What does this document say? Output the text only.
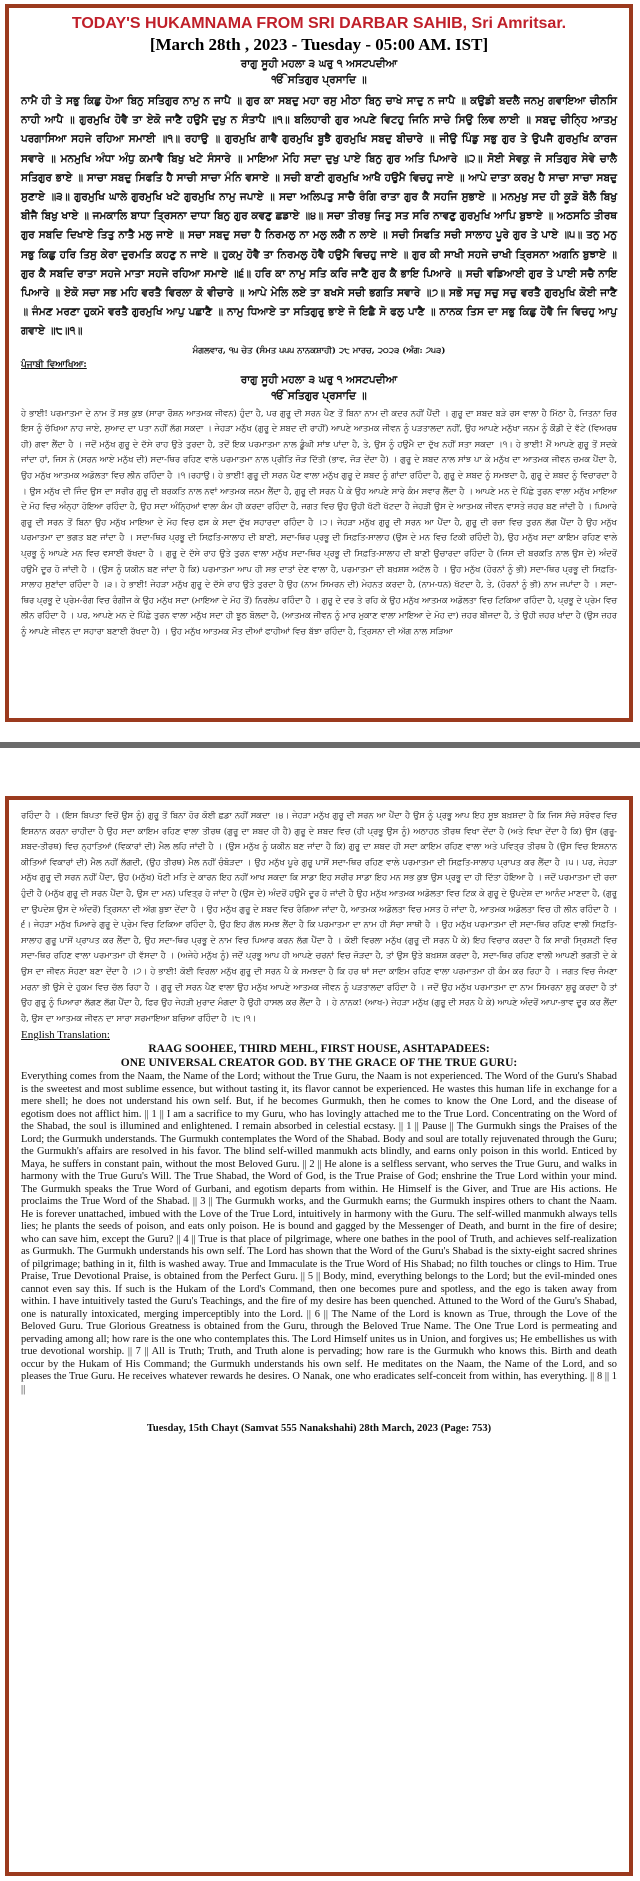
TODAY'S HUKAMNAMA FROM SRI DARBAR SAHIB, Sri Amritsar.
[March 28th , 2023 - Tuesday - 05:00 AM. IST]
ਰਾਗੁ ਸੂਹੀ ਮਹਲਾ ੩ ਘਰੁ ੧ ਅਸਟਪਦੀਆ
ੴ ਸਤਿਗੁਰ ਪ੍ਰਸਾਦਿ ॥
ਨਾਮੈ ਹੀ ਤੇ ਸਭੁ ਕਿਛੁ ਹੋਆ ਬਿਨੁ ਸਤਿਗੁਰ ਨਾਮੁ ਨ ਜਾਪੈ ॥ ਗੁਰ ਕਾ ਸਬਦੁ ਮਹਾ ਰਸੁ ਮੀਠਾ ਬਿਨੁ ਚਾਖੇ ਸਾਦੁ ਨ ਜਾਪੈ ॥ ਕਉਡੀ ਬਦਲੈ ਜਨਮੁ ਗਵਾਇਆ ਚੀਨਸਿ ਨਾਹੀ ਆਪੈ ॥ ਗੁਰਮੁਖਿ ਹੋਵੈ ਤਾ ਏਕੋ ਜਾਣੈ ਹਉਮੈ ਦੁਖੁ ਨ ਸੰਤਾਪੈ ॥੧॥ ਬਲਿਹਾਰੀ ਗੁਰ ਅਪਣੇ ਵਿਟਹੁ ਜਿਨਿ ਸਾਚੇ ਸਿਉ ਲਿਵ ਲਾਈ ॥ ਸਬਦੁ ਚੀਨ੍ਹਿ ਆਤਮੁ ਪਰਗਾਸਿਆ ਸਹਜੇ ਰਹਿਆ ਸਮਾਈ ॥੧॥ ਰਹਾਉ ॥ ਗੁਰਮੁਖਿ ਗਾਵੈ ਗੁਰਮੁਖਿ ਬੂਝੈ ਗੁਰਮੁਖਿ ਸਬਦੁ ਬੀਚਾਰੇ ॥ ਜੀਉ ਪਿੰਡੁ ਸਭੁ ਗੁਰ ਤੇ ਉਪਜੈ ਗੁਰਮੁਖਿ ਕਾਰਜ ਸਵਾਰੇ ॥ ਮਨਮੁਖਿ ਅੰਧਾ ਅੰਧੁ ਕਮਾਵੈ ਬਿਖੁ ਖਟੇ ਸੰਸਾਰੇ ॥ ਮਾਇਆ ਮੋਹਿ ਸਦਾ ਦੁਖੁ ਪਾਏ ਬਿਨੁ ਗੁਰ ਅਤਿ ਪਿਆਰੇ ॥੨॥ ਸੋਈ ਸੇਵਕੁ ਜੋ ਸਤਿਗੁਰ ਸੇਵੇ ਚਾਲੈ ਸਤਿਗੁਰ ਭਾਏ ॥ ਸਾਚਾ ਸਬਦੁ ਸਿਫਤਿ ਹੈ ਸਾਚੀ ਸਾਚਾ ਮੰਨਿ ਵਸਾਏ ॥ ਸਚੀ ਬਾਣੀ ਗੁਰਮੁਖਿ ਆਖੈ ਹਉਮੈ ਵਿਚਹੁ ਜਾਏ ॥ ਆਪੇ ਦਾਤਾ ਕਰਮੁ ਹੈ ਸਾਚਾ ਸਾਚਾ ਸਬਦੁ ਸੁਣਾਏ ॥੩॥ ਗੁਰਮੁਖਿ ਘਾਲੇ ਗੁਰਮੁਖਿ ਖਟੇ ਗੁਰਮੁਖਿ ਨਾਮੁ ਜਪਾਏ ॥ ਸਦਾ ਅਲਿਪਤੁ ਸਾਚੈ ਰੰਗਿ ਰਾਤਾ ਗੁਰ ਕੈ ਸਹਜਿ ਸੁਭਾਏ ॥ ਮਨਮੁਖੁ ਸਦ ਹੀ ਕੂੜੋ ਬੋਲੈ ਬਿਖੁ ਬੀਜੈ ਬਿਖੁ ਖਾਏ ॥ ਜਮਕਾਲਿ ਬਾਧਾ ਤ੍ਰਿਸਨਾ ਦਾਧਾ ਬਿਨੁ ਗੁਰ ਕਵਣੁ ਛਡਾਏ ॥੪॥ ਸਚਾ ਤੀਰਥੁ ਜਿਤੁ ਸਤ ਸਰਿ ਨਾਵਣੁ ਗੁਰਮੁਖਿ ਆਪਿ ਬੁਝਾਏ ॥ ਅਠਸਠਿ ਤੀਰਥ ਗੁਰ ਸਬਦਿ ਦਿਖਾਏ ਤਿਤੁ ਨਾਤੈ ਮਲੁ ਜਾਏ ॥ ਸਚਾ ਸਬਦੁ ਸਚਾ ਹੈ ਨਿਰਮਲੁ ਨਾ ਮਲੁ ਲਗੈ ਨ ਲਾਏ ॥ ਸਚੀ ਸਿਫਤਿ ਸਚੀ ਸਾਲਾਹ ਪੂਰੇ ਗੁਰ ਤੇ ਪਾਏ ॥੫॥ ਤਨੁ ਮਨੁ ਸਭੁ ਕਿਛੁ ਹਰਿ ਤਿਸੁ ਕੇਰਾ ਦੁਰਮਤਿ ਕਹਣੁ ਨ ਜਾਏ ॥ ਹੁਕਮੁ ਹੋਵੈ ਤਾ ਨਿਰਮਲੁ ਹੋਵੈ ਹਉਮੈ ਵਿਚਹੁ ਜਾਏ ॥ ਗੁਰ ਕੀ ਸਾਖੀ ਸਹਜੇ ਚਾਖੀ ਤ੍ਰਿਸਨਾ ਅਗਨਿ ਬੁਝਾਏ ॥ ਗੁਰ ਕੈ ਸਬਦਿ ਰਾਤਾ ਸਹਜੇ ਮਾਤਾ ਸਹਜੇ ਰਹਿਆ ਸਮਾਏ ॥੬॥ ਹਰਿ ਕਾ ਨਾਮੁ ਸਤਿ ਕਰਿ ਜਾਣੈ ਗੁਰ ਕੈ ਭਾਇ ਪਿਆਰੇ ॥ ਸਚੀ ਵਡਿਆਈ ਗੁਰ ਤੇ ਪਾਈ ਸਚੈ ਨਾਇ ਪਿਆਰੇ ॥ ਏਕੋ ਸਚਾ ਸਭ ਮਹਿ ਵਰਤੈ ਵਿਰਲਾ ਕੋ ਵੀਚਾਰੇ ॥ ਆਪੇ ਮੇਲਿ ਲਏ ਤਾ ਬਖਸੇ ਸਚੀ ਭਗਤਿ ਸਵਾਰੇ ॥੭॥ ਸਭੋ ਸਚੁ ਸਚੁ ਸਚੁ ਵਰਤੈ ਗੁਰਮੁਖਿ ਕੋਈ ਜਾਣੈ ॥ ਜੰਮਣ ਮਰਣਾ ਹੁਕਮੋ ਵਰਤੈ ਗੁਰਮੁਖਿ ਆਪੁ ਪਛਾਣੈ ॥ ਨਾਮੁ ਧਿਆਏ ਤਾ ਸਤਿਗੁਰੁ ਭਾਏ ਜੋ ਇਛੈ ਸੋ ਫਲੁ ਪਾਣੈ ॥ ਨਾਨਕ ਤਿਸ ਦਾ ਸਭੁ ਕਿਛੁ ਹੋਵੈ ਜਿ ਵਿਚਹੁ ਆਪੁ ਗਵਾਏ ॥੮॥੧॥
ਮੰਗਲਵਾਰ, ੧੫ ਚੇਤ (ਸੰਮਤ ੫੫੫ ਨਾਨਕਸ਼ਾਹੀ) ੨੮ ਮਾਰਚ, ੨੦੨੩ (ਅੰਗ: ੭੫੩)
ਪੰਜਾਬੀ ਵਿਆਖਿਆ:
ਰਾਗੁ ਸੂਹੀ ਮਹਲਾ ੩ ਘਰੁ ੧ ਅਸਟਪਦੀਆ
ੴ ਸਤਿਗੁਰ ਪ੍ਰਸਾਦਿ ॥
ਹੇ ਭਾਈ! ਪਰਮਾਤਮਾ ਦੇ ਨਾਮ ਤੋਂ ਸਭ ਕੁਝ (ਸਾਰਾ ਰੌਸ਼ਨ ਆਤਮਕ ਜੀਵਨ) ਹੁੰਦਾ ਹੈ, ਪਰ ਗੁਰੂ ਦੀ ਸਰਨ ਪੈਣ ਤੋਂ ਬਿਨਾ ਨਾਮ ਦੀ ਕਦਰ ਨਹੀਂ ਪੈਂਦੀ । ਗੁਰੂ ਦਾ ਸ਼ਬਦ ਬੜੇ ਰਸ ਵਾਲਾ ਹੈ ਮਿੱਠਾ ਹੈ, ਜਿਤਨਾ ਚਿਰ ਇਸ ਨੂੰ ਚੱਖਿਆ ਨਾਹ ਜਾਏ, ਸੁਆਦ ਦਾ ਪਤਾ ਨਹੀਂ ਲੱਗ ਸਕਦਾ । ਜੇਹੜਾ ਮਨੁੱਖ (ਗੁਰੂ ਦੇ ਸ਼ਬਦ ਦੀ ਰਾਹੀਂ) ਆਪਣੇ ਆਤਮਕ ਜੀਵਨ ਨੂੰ ਪੜਤਾਲਦਾ ਨਹੀਂ, ਉਹ ਆਪਣੇ ਮਨੁੱਖਾ ਜਨਮ ਨੂੰ ਕੌਡੀ ਦੇ ਵੱਟੇ (ਵਿਅਰਥ ਹੀ) ਗਵਾ ਲੈਂਦਾ ਹੈ । ਜਦੋਂ ਮਨੁੱਖ ਗੁਰੂ ਦੇ ਦੱਸੇ ਰਾਹ ਉਤੇ ਤੁਰਦਾ ਹੈ, ਤਦੋਂ ਇਕ ਪਰਮਾਤਮਾ ਨਾਲ ਡੂੰਘੀ ਸਾਂਝ ਪਾਂਦਾ ਹੈ, ਤੇ, ਉਸ ਨੂੰ ਹਉਮੈ ਦਾ ਦੁੱਖ ਨਹੀਂ ਸਤਾ ਸਕਦਾ ।੧। ਹੇ ਭਾਈ! ਮੈਂ ਆਪਣੇ ਗੁਰੂ ਤੋਂ ਸਦਕੇ ਜਾਂਦਾ ਹਾਂ, ਜਿਸ ਨੇ (ਸਰਨ ਆਏ ਮਨੁੱਖ ਦੀ) ਸਦਾ-ਥਿਰ ਰਹਿਣ ਵਾਲੇ ਪਰਮਾਤਮਾ ਨਾਲ ਪ੍ਰੀਤਿ ਜੋੜ ਦਿੱਤੀ (ਭਾਵ, ਜੋੜ ਦੇਂਦਾ ਹੈ) । ਗੁਰੂ ਦੇ ਸ਼ਬਦ ਨਾਲ ਸਾਂਝ ਪਾ ਕੇ ਮਨੁੱਖ ਦਾ ਆਤਮਕ ਜੀਵਨ ਚਮਕ ਪੈਂਦਾ ਹੈ, ਉਹ ਮਨੁੱਖ ਆਤਮਕ ਅਡੋਲਤਾ ਵਿਚ ਲੀਨ ਰਹਿੰਦਾ ਹੈ ।੧।ਰਹਾਉ। ਹੇ ਭਾਈ! ਗੁਰੂ ਦੀ ਸਰਨ ਪੈਣ ਵਾਲਾ ਮਨੁੱਖ ਗੁਰੂ ਦੇ ਸ਼ਬਦ ਨੂੰ ਗਾਂਦਾ ਰਹਿੰਦਾ ਹੈ, ਗੁਰੂ ਦੇ ਸ਼ਬਦ ਨੂੰ ਸਮਝਦਾ ਹੈ, ਗੁਰੂ ਦੇ ਸ਼ਬਦ ਨੂੰ ਵਿਚਾਰਦਾ ਹੈ । ਉਸ ਮਨੁੱਖ ਦੀ ਜਿੰਦ ਉਸ ਦਾ ਸਰੀਰ ਗੁਰੂ ਦੀ ਬਰਕਤਿ ਨਾਲ ਨਵਾਂ ਆਤਮਕ ਜਨਮ ਲੈਂਦਾ ਹੈ, ਗੁਰੂ ਦੀ ਸਰਨ ਪੈ ਕੇ ਉਹ ਆਪਣੇ ਸਾਰੇ ਕੰਮ ਸਵਾਰ ਲੈਂਦਾ ਹੈ । ਆਪਣੇ ਮਨ ਦੇ ਪਿੱਛੇ ਤੁਰਨ ਵਾਲਾ ਮਨੁੱਖ ਮਾਇਆ ਦੇ ਮੋਹ ਵਿਚ ਅੰਨ੍ਹਾ ਹੋਇਆ ਰਹਿੰਦਾ ਹੈ, ਉਹ ਸਦਾ ਅੰਨ੍ਹਿਆਂ ਵਾਲਾ ਕੰਮ ਹੀ ਕਰਦਾ ਰਹਿੰਦਾ ਹੈ, ਜਗਤ ਵਿਚ ਉਹ ਉਹੀ ਖੱਟੀ ਖੱਟਦਾ ਹੈ ਜੇਹੜੀ ਉਸ ਦੇ ਆਤਮਕ ਜੀਵਨ ਵਾਸਤੇ ਜ਼ਹਰ ਬਣ ਜਾਂਦੀ ਹੈ । ਪਿਆਰੇ ਗੁਰੂ ਦੀ ਸਰਨ ਤੋਂ ਬਿਨਾ ਉਹ ਮਨੁੱਖ ਮਾਇਆ ਦੇ ਮੋਹ ਵਿਚ ਫਸ ਕੇ ਸਦਾ ਦੁੱਖ ਸਹਾਰਦਾ ਰਹਿੰਦਾ ਹੈ ।੨। ਜੇਹੜਾ ਮਨੁੱਖ ਗੁਰੂ ਦੀ ਸਰਨ ਆ ਪੈਂਦਾ ਹੈ, ਗੁਰੂ ਦੀ ਰਜ਼ਾ ਵਿਚ ਤੁਰਨ ਲੱਗ ਪੈਂਦਾ ਹੈ ਉਹ ਮਨੁੱਖ ਪਰਮਾਤਮਾ ਦਾ ਭਗਤ ਬਣ ਜਾਂਦਾ ਹੈ । ਸਦਾ-ਥਿਰ ਪ੍ਰਭੂ ਦੀ ਸਿਫ਼ਤਿ-ਸਾਲਾਹ ਦੀ ਬਾਣੀ, ਸਦਾ-ਥਿਰ ਪ੍ਰਭੂ ਦੀ ਸਿਫ਼ਤਿ-ਸਾਲਾਹ (ਉਸ ਦੇ ਮਨ ਵਿਚ ਟਿਕੀ ਰਹਿੰਦੀ ਹੈ), ਉਹ ਮਨੁੱਖ ਸਦਾ ਕਾਇਮ ਰਹਿਣ ਵਾਲੇ ਪ੍ਰਭੂ ਨੂੰ ਆਪਣੇ ਮਨ ਵਿਚ ਵਸਾਈ ਰੱਖਦਾ ਹੈ । ਗੁਰੂ ਦੇ ਦੱਸੇ ਰਾਹ ਉਤੇ ਤੁਰਨ ਵਾਲਾ ਮਨੁੱਖ ਸਦਾ-ਥਿਰ ਪ੍ਰਭੂ ਦੀ ਸਿਫ਼ਤਿ-ਸਾਲਾਹ ਦੀ ਬਾਣੀ ਉਚਾਰਦਾ ਰਹਿੰਦਾ ਹੈ (ਜਿਸ ਦੀ ਬਰਕਤਿ ਨਾਲ ਉਸ ਦੇ) ਅੰਦਰੋਂ ਹਉਮੈ ਦੂਰ ਹੋ ਜਾਂਦੀ ਹੈ । (ਉਸ ਨੂੰ ਯਕੀਨ ਬਣ ਜਾਂਦਾ ਹੈ ਕਿ) ਪਰਮਾਤਮਾ ਆਪ ਹੀ ਸਭ ਦਾਤਾਂ ਦੇਣ ਵਾਲਾ ਹੈ, ਪਰਮਾਤਮਾ ਦੀ ਬਖ਼ਸ਼ਸ਼ ਅਟੱਲ ਹੈ । ਉਹ ਮਨੁੱਖ (ਹੋਰਨਾਂ ਨੂੰ ਭੀ) ਸਦਾ-ਥਿਰ ਪ੍ਰਭੂ ਦੀ ਸਿਫ਼ਤਿ-ਸਾਲਾਹ ਸੁਣਾਂਦਾ ਰਹਿੰਦਾ ਹੈ ।੩। ਹੇ ਭਾਈ! ਜੇਹੜਾ ਮਨੁੱਖ ਗੁਰੂ ਦੇ ਦੱਸੇ ਰਾਹ ਉਤੇ ਤੁਰਦਾ ਹੈ ਉਹ (ਨਾਮ ਸਿਮਰਨ ਦੀ) ਮੇਹਨਤ ਕਰਦਾ ਹੈ, (ਨਾਮ-ਧਨ) ਖੱਟਦਾ ਹੈ, ਤੇ, (ਹੋਰਨਾਂ ਨੂੰ ਭੀ) ਨਾਮ ਜਪਾਂਦਾ ਹੈ । ਸਦਾ-ਥਿਰ ਪ੍ਰਭੂ ਦੇ ਪ੍ਰੇਮ-ਰੰਗ ਵਿਚ ਰੰਗੀਜ ਕੇ ਉਹ ਮਨੁੱਖ ਸਦਾ (ਮਾਇਆ ਦੇ ਮੋਹ ਤੋਂ) ਨਿਰਲੇਪ ਰਹਿੰਦਾ ਹੈ । ਗੁਰੂ ਦੇ ਦਰ ਤੇ ਰਹਿ ਕੇ ਉਹ ਮਨੁੱਖ ਆਤਮਕ ਅਡੋਲਤਾ ਵਿਚ ਟਿਕਿਆ ਰਹਿੰਦਾ ਹੈ, ਪ੍ਰਭੂ ਦੇ ਪ੍ਰੇਮ ਵਿਚ ਲੀਨ ਰਹਿੰਦਾ ਹੈ । ਪਰ, ਆਪਣੇ ਮਨ ਦੇ ਪਿੱਛੇ ਤੁਰਨ ਵਾਲਾ ਮਨੁੱਖ ਸਦਾ ਹੀ ਝੂਠ ਬੋਲਦਾ ਹੈ, (ਆਤਮਕ ਜੀਵਨ ਨੂੰ ਮਾਰ ਮੁਕਾਣ ਵਾਲਾ ਮਾਇਆ ਦੇ ਮੋਹ ਦਾ) ਜ਼ਹਰ ਬੀਜਦਾ ਹੈ, ਤੇ ਉਹੀ ਜ਼ਹਰ ਖਾਂਦਾ ਹੈ (ਉਸ ਜ਼ਹਰ ਨੂੰ ਆਪਣੇ ਜੀਵਨ ਦਾ ਸਹਾਰਾ ਬਣਾਈ ਰੱਖਦਾ ਹੈ) । ਉਹ ਮਨੁੱਖ ਆਤਮਕ ਮੌਤ ਦੀਆਂ ਫਾਹੀਆਂ ਵਿਚ ਬੱਝਾ ਰਹਿੰਦਾ ਹੈ, ਤ੍ਰਿਸਨਾ ਦੀ ਅੱਗ ਨਾਲ ਸੜਿਆ
ਰਹਿੰਦਾ ਹੈ । (ਇਸ ਬਿਪਤਾ ਵਿਚੋਂ ਉਸ ਨੂੰ) ਗੁਰੂ ਤੋਂ ਬਿਨਾ ਹੋਰ ਕੋਈ ਛਡਾ ਨਹੀਂ ਸਕਦਾ ।੪। ਜੇਹੜਾ ਮਨੁੱਖ ਗੁਰੂ ਦੀ ਸਰਨ ਆ ਪੈਂਦਾ ਹੈ ਉਸ ਨੂੰ ਪ੍ਰਭੂ ਆਪ ਇਹ ਸੂਝ ਬਖ਼ਸ਼ਦਾ ਹੈ ਕਿ ਜਿਸ ਸੱਚੇ ਸਰੋਵਰ ਵਿਚ ਇਸ਼ਨਾਨ ਕਰਨਾ ਚਾਹੀਦਾ ਹੈ ਉਹ ਸਦਾ ਕਾਇਮ ਰਹਿਣ ਵਾਲਾ ਤੀਰਥ (ਗੁਰੂ ਦਾ ਸ਼ਬਦ ਹੀ ਹੈ) ਗੁਰੂ ਦੇ ਸ਼ਬਦ ਵਿਚ (ਹੀ ਪ੍ਰਭੂ ਉਸ ਨੂੰ) ਅਠਾਹਠ ਤੀਰਥ ਵਿਖਾ ਦੇਂਦਾ ਹੈ (ਅਤੇ ਵਿਖਾ ਦੇਂਦਾ ਹੈ ਕਿ) ਉਸ (ਗੁਰੂ-ਸ਼ਬਦ-ਤੀਰਥ) ਵਿਚ ਨ੍ਹਾਤਿਆਂ (ਵਿਕਾਰਾਂ ਦੀ) ਮੈਲ ਲਹਿ ਜਾਂਦੀ ਹੈ । (ਉਸ ਮਨੁੱਖ ਨੂੰ ਯਕੀਨ ਬਣ ਜਾਂਦਾ ਹੈ ਕਿ) ਗੁਰੂ ਦਾ ਸ਼ਬਦ ਹੀ ਸਦਾ ਕਾਇਮ ਰਹਿਣ ਵਾਲਾ ਅਤੇ ਪਵਿਤ੍ਰ ਤੀਰਥ ਹੈ (ਉਸ ਵਿਚ ਇਸ਼ਨਾਨ ਕੀਤਿਆਂ ਵਿਕਾਰਾਂ ਦੀ) ਮੈਲ ਨਹੀਂ ਲੱਗਦੀ, (ਉਹ ਤੀਰਥ) ਮੈਲ ਨਹੀਂ ਚੰਬੋੜਦਾ । ਉਹ ਮਨੁੱਖ ਪੂਰੇ ਗੁਰੂ ਪਾਸੋਂ ਸਦਾ-ਥਿਰ ਰਹਿਣ ਵਾਲੇ ਪਰਮਾਤਮਾ ਦੀ ਸਿਫ਼ਤਿ-ਸਾਲਾਹ ਪ੍ਰਾਪਤ ਕਰ ਲੈਂਦਾ ਹੈ ।੫। ਪਰ, ਜੇਹੜਾ ਮਨੁੱਖ ਗੁਰੂ ਦੀ ਸਰਨ ਨਹੀਂ ਪੈਂਦਾ, ਉਹ (ਮਨੁੱਖ) ਖੋਟੀ ਮਤਿ ਦੇ ਕਾਰਨ ਇਹ ਨਹੀਂ ਆਖ ਸਕਦਾ ਕਿ ਸਾਡਾ ਇਹ ਸਰੀਰ ਸਾਡਾ ਇਹ ਮਨ ਸਭ ਕੁਝ ਉਸ ਪ੍ਰਭੂ ਦਾ ਹੀ ਦਿੱਤਾ ਹੋਇਆ ਹੈ । ਜਦੋਂ ਪਰਮਾਤਮਾ ਦੀ ਰਜ਼ਾ ਹੁੰਦੀ ਹੈ (ਮਨੁੱਖ ਗੁਰੂ ਦੀ ਸਰਨ ਪੈਂਦਾ ਹੈ, ਉਸ ਦਾ ਮਨ) ਪਵਿਤ੍ਰ ਹੋ ਜਾਂਦਾ ਹੈ (ਉਸ ਦੇ) ਅੰਦਰੋਂ ਹਉਮੈ ਦੂਰ ਹੋ ਜਾਂਦੀ ਹੈ ਉਹ ਮਨੁੱਖ ਆਤਮਕ ਅਡੋਲਤਾ ਵਿਚ ਟਿਕ ਕੇ ਗੁਰੂ ਦੇ ਉਪਦੇਸ਼ ਦਾ ਆਨੰਦ ਮਾਣਦਾ ਹੈ, (ਗੁਰੂ ਦਾ ਉਪਦੇਸ਼ ਉਸ ਦੇ ਅੰਦਰੋਂ) ਤ੍ਰਿਸਨਾ ਦੀ ਅੱਗ ਬੁਝਾ ਦੇਂਦਾ ਹੈ । ਉਹ ਮਨੁੱਖ ਗੁਰੂ ਦੇ ਸ਼ਬਦ ਵਿਚ ਰੰਗਿਆ ਜਾਂਦਾ ਹੈ, ਆਤਮਕ ਅਡੋਲਤਾ ਵਿਚ ਮਸਤ ਹੋ ਜਾਂਦਾ ਹੈ, ਆਤਮਕ ਅਡੋਲਤਾ ਵਿਚ ਹੀ ਲੀਨ ਰਹਿੰਦਾ ਹੈ ।੬। ਜੇਹੜਾ ਮਨੁੱਖ ਪਿਆਰੇ ਗੁਰੂ ਦੇ ਪ੍ਰੇਮ ਵਿਚ ਟਿਕਿਆ ਰਹਿੰਦਾ ਹੈ, ਉਹ ਇਹ ਗੱਲ ਸਮਝ ਲੈਂਦਾ ਹੈ ਕਿ ਪਰਮਾਤਮਾ ਦਾ ਨਾਮ ਹੀ ਸੱਚਾ ਸਾਥੀ ਹੈ । ਉਹ ਮਨੁੱਖ ਪਰਮਾਤਮਾ ਦੀ ਸਦਾ-ਥਿਰ ਰਹਿਣ ਵਾਲੀ ਸਿਫ਼ਤਿ-ਸਾਲਾਹ ਗੁਰੂ ਪਾਸੋਂ ਪ੍ਰਾਪਤ ਕਰ ਲੈਂਦਾ ਹੈ, ਉਹ ਸਦਾ-ਥਿਰ ਪ੍ਰਭੂ ਦੇ ਨਾਮ ਵਿਚ ਪਿਆਰ ਕਰਨ ਲੱਗ ਪੈਂਦਾ ਹੈ । ਕੋਈ ਵਿਰਲਾ ਮਨੁੱਖ (ਗੁਰੂ ਦੀ ਸਰਨ ਪੈ ਕੇ) ਇਹ ਵਿਚਾਰ ਕਰਦਾ ਹੈ ਕਿ ਸਾਰੀ ਸ੍ਰਿਸ਼ਟੀ ਵਿਚ ਸਦਾ-ਥਿਰ ਰਹਿਣ ਵਾਲਾ ਪਰਮਾਤਮਾ ਹੀ ਵੱਸਦਾ ਹੈ । (ਅਜੇਹੇ ਮਨੁੱਖ ਨੂੰ) ਜਦੋਂ ਪ੍ਰਭੂ ਆਪ ਹੀ ਆਪਣੇ ਚਰਨਾਂ ਵਿਚ ਜੋੜਦਾ ਹੈ, ਤਾਂ ਉਸ ਉਤੇ ਬਖ਼ਸ਼ਸ਼ ਕਰਦਾ ਹੈ, ਸਦਾ-ਥਿਰ ਰਹਿਣ ਵਾਲੀ ਆਪਣੀ ਭਗਤੀ ਦੇ ਕੇ ਉਸ ਦਾ ਜੀਵਨ ਸੋਹਣਾ ਬਣਾ ਦੇਂਦਾ ਹੈ ।੭। ਹੇ ਭਾਈ! ਕੋਈ ਵਿਰਲਾ ਮਨੁੱਖ ਗੁਰੂ ਦੀ ਸਰਨ ਪੈ ਕੇ ਸਮਝਦਾ ਹੈ ਕਿ ਹਰ ਥਾਂ ਸਦਾ ਕਾਇਮ ਰਹਿਣ ਵਾਲਾ ਪਰਮਾਤਮਾ ਹੀ ਕੰਮ ਕਰ ਰਿਹਾ ਹੈ । ਜਗਤ ਵਿਚ ਜੰਮਣਾ ਮਰਨਾ ਭੀ ਉਸੇ ਦੇ ਹੁਕਮ ਵਿਚ ਚੱਲ ਰਿਹਾ ਹੈ । ਗੁਰੂ ਦੀ ਸਰਨ ਪੈਣ ਵਾਲਾ ਉਹ ਮਨੁੱਖ ਆਪਣੇ ਆਤਮਕ ਜੀਵਨ ਨੂੰ ਪੜਤਾਲਦਾ ਰਹਿੰਦਾ ਹੈ । ਜਦੋਂ ਉਹ ਮਨੁੱਖ ਪਰਮਾਤਮਾ ਦਾ ਨਾਮ ਸਿਮਰਨਾ ਸ਼ੁਰੂ ਕਰਦਾ ਹੈ ਤਾਂ ਉਹ ਗੁਰੂ ਨੂੰ ਪਿਆਰਾ ਲੱਗਣ ਲੱਗ ਪੈਂਦਾ ਹੈ, ਫਿਰ ਉਹ ਜੇਹੜੀ ਮੁਰਾਦ ਮੰਗਦਾ ਹੈ ਉਹੀ ਹਾਸਲ ਕਰ ਲੈਂਦਾ ਹੈ । ਹੇ ਨਾਨਕ! (ਆਖ-) ਜੇਹੜਾ ਮਨੁੱਖ (ਗੁਰੂ ਦੀ ਸਰਨ ਪੈ ਕੇ) ਆਪਣੇ ਅੰਦਰੋਂ ਆਪਾ-ਭਾਵ ਦੂਰ ਕਰ ਲੈਂਦਾ ਹੈ, ਉਸ ਦਾ ਆਤਮਕ ਜੀਵਨ ਦਾ ਸਾਰਾ ਸਰਮਾਇਆ ਬਚਿਆ ਰਹਿੰਦਾ ਹੈ ।੮।੧।
English Translation:
RAAG SOOHEE, THIRD MEHL, FIRST HOUSE, ASHTAPADEES:
ONE UNIVERSAL CREATOR GOD. BY THE GRACE OF THE TRUE GURU:
Everything comes from the Naam, the Name of the Lord; without the True Guru, the Naam is not experienced. The Word of the Guru's Shabad is the sweetest and most sublime essence, but without tasting it, its flavor cannot be experienced. He wastes this human life in exchange for a mere shell; he does not understand his own self. But, if he becomes Gurmukh, then he comes to know the One Lord, and the disease of egotism does not afflict him. || 1 || I am a sacrifice to my Guru, who has lovingly attached me to the True Lord. Concentrating on the Word of the Shabad, the soul is illumined and enlightened. I remain absorbed in celestial ecstasy. || 1 || Pause || The Gurmukh sings the Praises of the Lord; the Gurmukh understands. The Gurmukh contemplates the Word of the Shabad. Body and soul are totally rejuvenated through the Guru; the Gurmukh's affairs are resolved in his favor. The blind self-willed manmukh acts blindly, and earns only poison in this world. Enticed by Maya, he suffers in constant pain, without the most Beloved Guru. || 2 || He alone is a selfless servant, who serves the True Guru, and walks in harmony with the True Guru's Will. The True Shabad, the Word of God, is the True Praise of God; enshrine the True Lord within your mind. The Gurmukh speaks the True Word of Gurbani, and egotism departs from within. He Himself is the Giver, and True are His actions. He proclaims the True Word of the Shabad. || 3 || The Gurmukh works, and the Gurmukh earns; the Gurmukh inspires others to chant the Naam. He is forever unattached, imbued with the Love of the True Lord, intuitively in harmony with the Guru. The self-willed manmukh always tells lies; he plants the seeds of poison, and eats only poison. He is bound and gagged by the Messenger of Death, and burnt in the fire of desire; who can save him, except the Guru? || 4 || True is that place of pilgrimage, where one bathes in the pool of Truth, and achieves self-realization as Gurmukh. The Gurmukh understands his own self. The Lord has shown that the Word of the Guru's Shabad is the sixty-eight sacred shrines of pilgrimage; bathing in it, filth is washed away. True and Immaculate is the True Word of His Shabad; no filth touches or clings to Him. True Praise, True Devotional Praise, is obtained from the Perfect Guru. || 5 || Body, mind, everything belongs to the Lord; but the evil-minded ones cannot even say this. If such is the Hukam of the Lord's Command, then one becomes pure and spotless, and the ego is taken away from within. I have intuitively tasted the Guru's Teachings, and the fire of my desire has been quenched. Attuned to the Word of the Guru's Shabad, one is naturally intoxicated, merging imperceptibly into the Lord. || 6 || The Name of the Lord is known as True, through the Love of the Beloved Guru. True Glorious Greatness is obtained from the Guru, through the Beloved True Name. The One True Lord is permeating and pervading among all; how rare is the one who contemplates this. The Lord Himself unites us in Union, and forgives us; He embellishes us with true devotional worship. || 7 || All is Truth; Truth, and Truth alone is pervading; how rare is the Gurmukh who knows this. Birth and death occur by the Hukam of His Command; the Gurmukh understands his own self. He meditates on the Naam, the Name of the Lord, and so pleases the True Guru. He receives whatever rewards he desires. O Nanak, one who eradicates self-conceit from within, has everything. || 8 || 1 ||
Tuesday, 15th Chayt (Samvat 555 Nanakshahi) 28th March, 2023 (Page: 753)
